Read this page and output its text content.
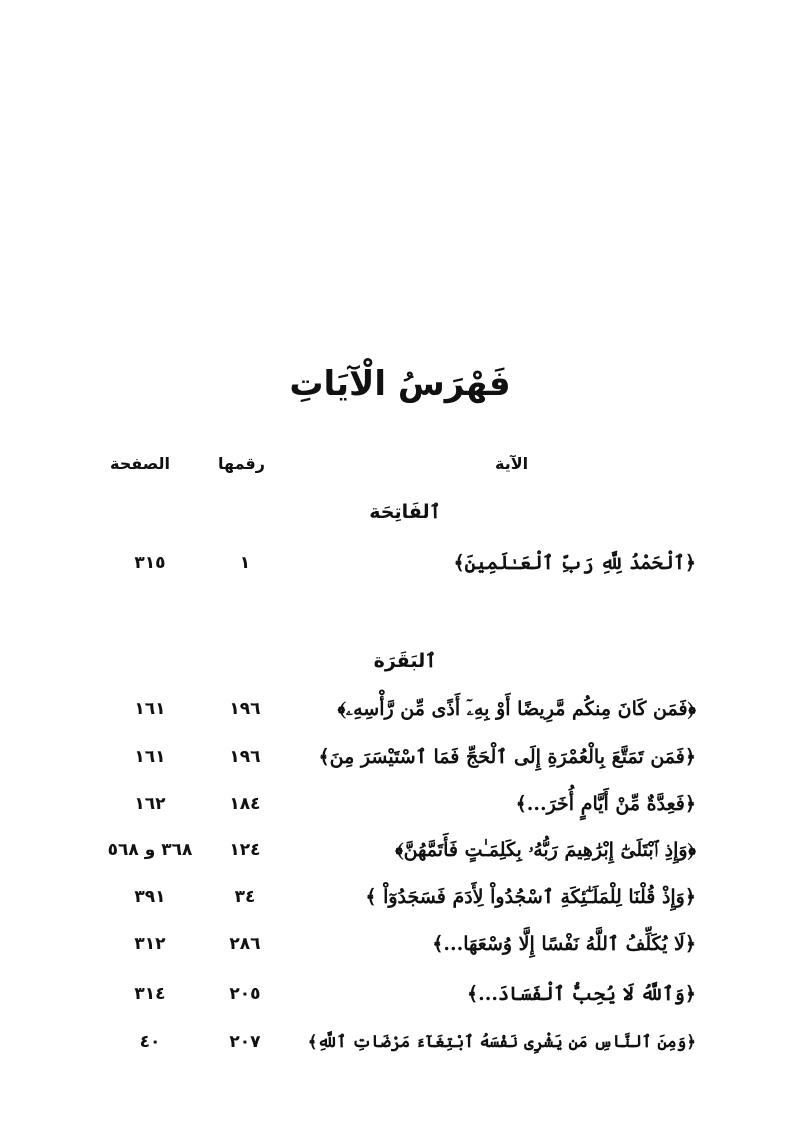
فَهْرَسُ الْآيَاتِ
الآية
رقمها
الصفحة
ٱلفَاتِحَة
﴿ٱلْحَمْدُ لِلَّهِ رَبِّ ٱلْعَـٰلَمِينَ﴾
١
٣١٥
ٱلبَقَرَة
﴿فَمَن كَانَ مِنكُم مَّرِيضًا أَوْ بِهِۦٓ أَذًى مِّن رَّأْسِهِۦ﴾
١٩٦
١٦١
﴿فَمَن تَمَتَّعَ بِالْعُمْرَةِ إِلَى ٱلْحَجِّ فَمَا ٱسْتَيْسَرَ مِنَ﴾
١٩٦
١٦١
﴿فَعِدَّةٌ مِّنْ أَيَّامٍ أُخَرَ...﴾
١٨٤
١٦٢
﴿وَإِذِ ٱبْتَلَىٰٓ إِبْرَٰهِيمَ رَبُّهُۥ بِكَلِمَـٰتٍ فَأَتَمَّهُنَّ﴾
١٢٤
٣٦٨ و ٥٦٨
﴿وَإِذْ قُلْنَا لِلْمَلَـٰٓئِكَةِ ٱسْجُدُواْ لِأَدَمَ فَسَجَدُوٓاْ ﴾
٣٤
٣٩١
﴿لَا يُكَلِّفُ ٱللَّهُ نَفْسًا إِلَّا وُسْعَهَا...﴾
٢٨٦
٣١٢
﴿وَٱللَّهُ لَا يُحِبُّ ٱلْفَسَادَ...﴾
٢٠٥
٣١٤
﴿وَمِنَ ٱلنَّاسِ مَن يَشْرِى نَفْسَهُ ٱبْتِغَآءَ مَرْضَاتِ ٱللَّهِ﴾
٢٠٧
٤٠
